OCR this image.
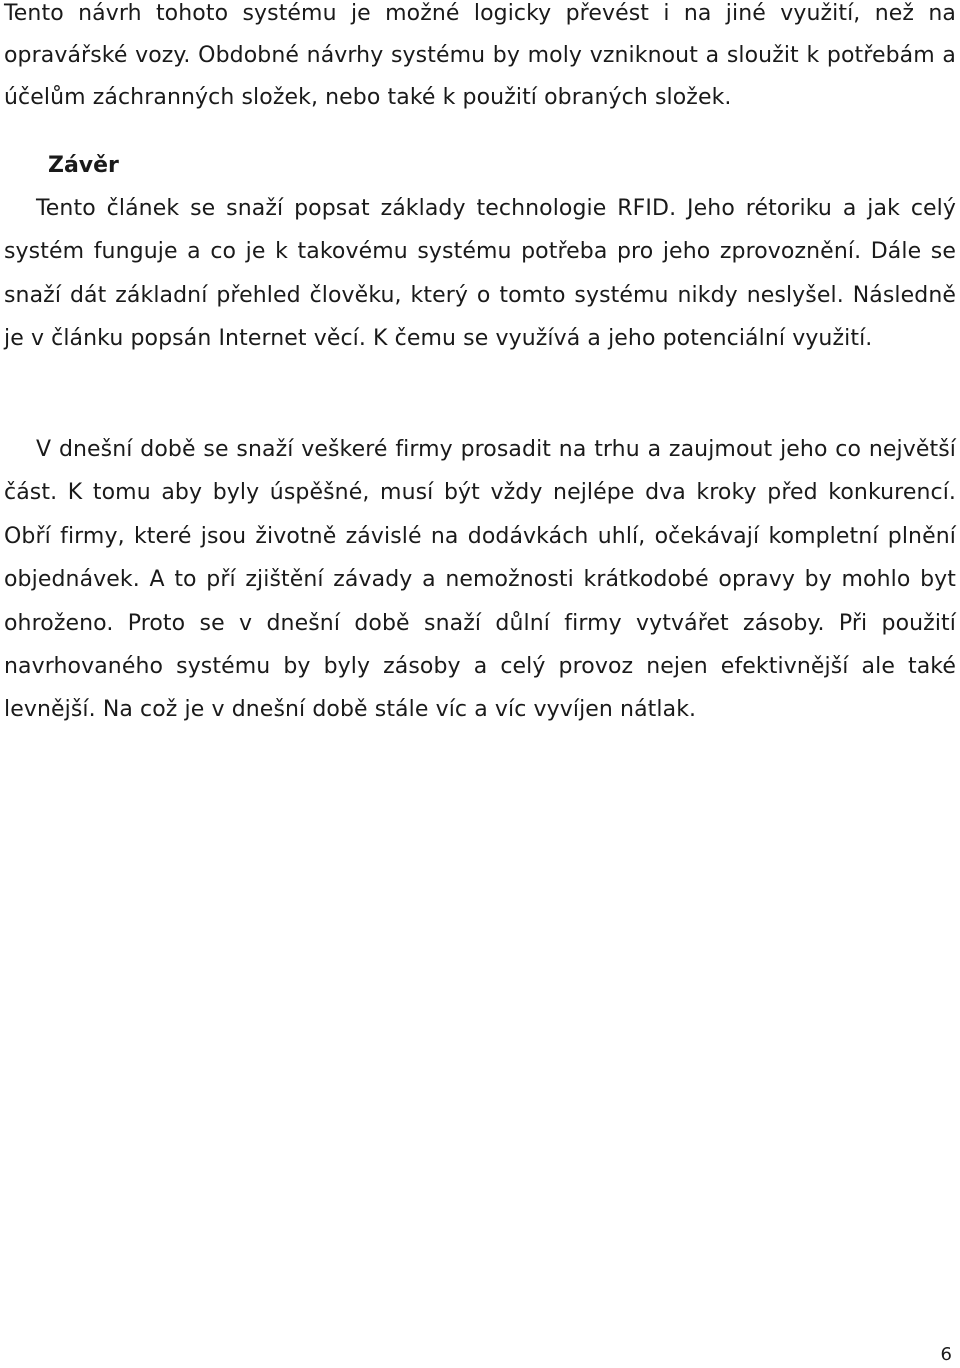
Tento návrh tohoto systému je možné logicky převést i na jiné využití, než na opravářské vozy. Obdobné návrhy systému by moly vzniknout a sloužit k potřebám a účelům záchranných složek, nebo také k použití obraných složek.

Závěr

Tento článek se snaží popsat základy technologie RFID. Jeho rétoriku a jak celý systém funguje a co je k takovému systému potřeba pro jeho zprovoznění. Dále se snaží dát základní přehled člověku, který o tomto systému nikdy neslyšel. Následně je v článku popsán Internet věcí. K čemu se využívá a jeho potenciální využití.

V dnešní době se snaží veškeré firmy prosadit na trhu a zaujmout jeho co největší část. K tomu aby byly úspěšné, musí být vždy nejlépe dva kroky před konkurencí. Obří firmy, které jsou životně závislé na dodávkách uhlí, očekávají kompletní plnění objednávek. A to pří zjištění závady a nemožnosti krátkodobé opravy by mohlo byt ohroženo. Proto se v dnešní době snaží důlní firmy vytvářet zásoby. Při použití navrhovaného systému by byly zásoby a celý provoz nejen efektivnější ale také levnější. Na což je v dnešní době stále víc a víc vyvíjen nátlak.

6
